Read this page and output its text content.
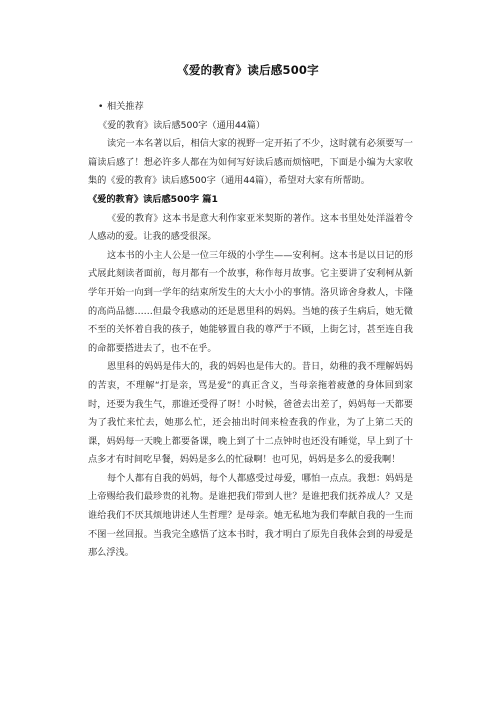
《爱的教育》读后感500字
• 相关推荐
《爱的教育》读后感500字（通用44篇）

读完一本名著以后，相信大家的视野一定开拓了不少，这时就有必须要写一篇读后感了！想必许多人都在为如何写好读后感而烦恼吧，下面是小编为大家收集的《爱的教育》读后感500字（通用44篇），希望对大家有所帮助。

《爱的教育》读后感500字 篇1

《爱的教育》这本书是意大利作家亚米契斯的著作。这本书里处处洋溢着令人感动的爱。让我的感受很深。

这本书的小主人公是一位三年级的小学生——安利柯。这本书是以日记的形式展此刻读者面前，每月都有一个故事，称作每月故事。它主要讲了安利柯从新学年开始一向到一学年的结束所发生的大大小小的事情。洛贝谛舍身救人，卡隆的高尚品德……但最令我感动的还是恩里科的妈妈。当她的孩子生病后，她无微不至的关怀着自我的孩子，她能够置自我的尊严于不顾，上街乞讨，甚至连自我的命都要搭进去了，也不在乎。

恩里科的妈妈是伟大的，我的妈妈也是伟大的。昔日，幼稚的我不理解妈妈的苦衷，不理解“打是亲，骂是爱”的真正含义，当母亲拖着疲惫的身体回到家时，还要为我生气，那谁还受得了呀！小时候，爸爸去出差了，妈妈每一天都要为了我忙来忙去，她那么忙，还会抽出时间来检查我的作业，为了上第二天的课，妈妈每一天晚上都要备课，晚上到了十二点钟时也还没有睡觉，早上到了十点多才有时间吃早餐，妈妈是多么的忙碌啊！也可见，妈妈是多么的爱我啊！

每个人都有自我的妈妈，每个人都感受过母爱，哪怕一点点。我想：妈妈是上帝赐给我们最珍贵的礼物。是谁把我们带到人世？是谁把我们抚养成人？又是谁给我们不厌其烦地讲述人生哲理？是母亲。她无私地为我们奉献自我的一生而不图一丝回报。当我完全感悟了这本书时，我才明白了原先自我体会到的母爱是那么浮浅。
